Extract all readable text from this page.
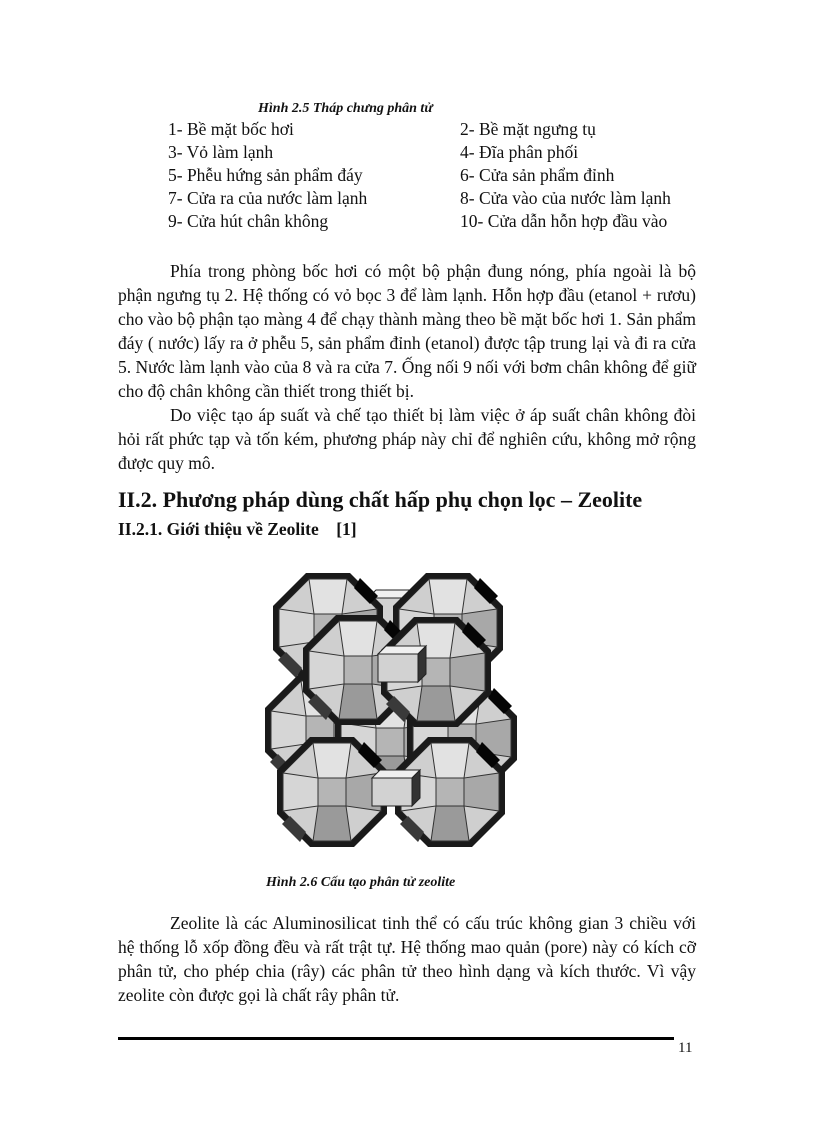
Hình 2.5 Tháp chưng phân tử
1- Bề mặt bốc hơi	2- Bề mặt ngưng tụ
3- Vỏ làm lạnh	4- Đĩa phân phối
5- Phễu hứng sản phẩm đáy	6- Cửa sản phẩm đỉnh
7- Cửa ra của nước làm lạnh	8- Cửa vào của nước làm lạnh
9- Cửa hút chân không	10- Cửa dẫn hỗn hợp đầu vào

Phía trong phòng bốc hơi có một bộ phận đung nóng, phía ngoài là bộ phận ngưng tụ 2. Hệ thống có vỏ bọc 3 để làm lạnh. Hỗn hợp đầu (etanol + rươu) cho vào bộ phận tạo màng 4 để chạy thành màng theo bề mặt bốc hơi 1. Sản phẩm đáy ( nước) lấy ra ở phễu 5, sản phẩm đỉnh (etanol) được tập trung lại và đi ra cửa 5. Nước làm lạnh vào của 8 và ra cửa 7. Ống nối 9 nối với bơm chân không để giữ cho độ chân không cần thiết trong thiết bị.

Do việc tạo áp suất và chế tạo thiết bị làm việc ở áp suất chân không đòi hỏi rất phức tạp và tốn kém, phương pháp này chỉ để nghiên cứu, không mở rộng được quy mô.

II.2. Phương pháp dùng chất hấp phụ chọn lọc – Zeolite
II.2.1. Giới thiệu về Zeolite    [1]
Hình 2.6 Cấu tạo phân tử zeolite

Zeolite là các Aluminosilicat tinh thể có cấu trúc không gian 3 chiều với hệ thống lỗ xốp đồng đều và rất trật tự. Hệ thống mao quản (pore) này có kích cỡ phân tử, cho phép chia (rây) các phân tử theo hình dạng và kích thước. Vì vậy zeolite còn được gọi là chất rây phân tử.

11
